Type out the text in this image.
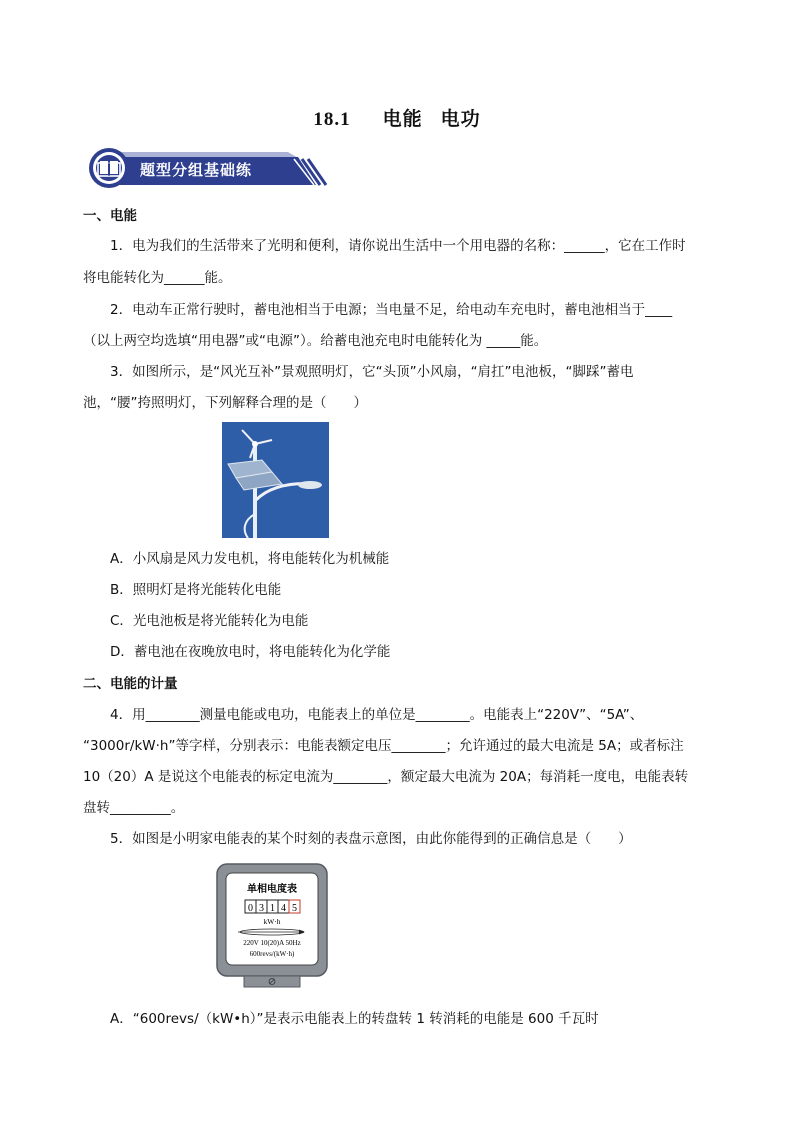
18.1 电能 电功
题型分组基础练
一、电能
1．电为我们的生活带来了光明和便利，请你说出生活中一个用电器的名称：______，它在工作时
将电能转化为______能。
2．电动车正常行驶时，蓄电池相当于电源；当电量不足，给电动车充电时，蓄电池相当于____
（以上两空均选填“用电器”或“电源”）。给蓄电池充电时电能转化为 _____能。
3．如图所示，是“风光互补”景观照明灯，它“头顶”小风扇，“肩扛”电池板，“脚踩”蓄电
池，“腰”挎照明灯，下列解释合理的是（　　）
A．小风扇是风力发电机，将电能转化为机械能
B．照明灯是将光能转化电能
C．光电池板是将光能转化为电能
D．蓄电池在夜晚放电时，将电能转化为化学能
二、电能的计量
4．用________测量电能或电功，电能表上的单位是________。电能表上“220V”、“5A”、
“3000r/kW·h”等字样，分别表示：电能表额定电压________；允许通过的最大电流是 5A；或者标注
10（20）A 是说这个电能表的标定电流为________，额定最大电流为 20A；每消耗一度电，电能表转
盘转_________。
5．如图是小明家电能表的某个时刻的表盘示意图，由此你能得到的正确信息是（　　）
单相电度表
0 3 1 4 5
kW·h
220V 10(20)A 50Hz
600revs/(kW·h)
A．“600revs/（kW•h）”是表示电能表上的转盘转 1 转消耗的电能是 600 千瓦时
